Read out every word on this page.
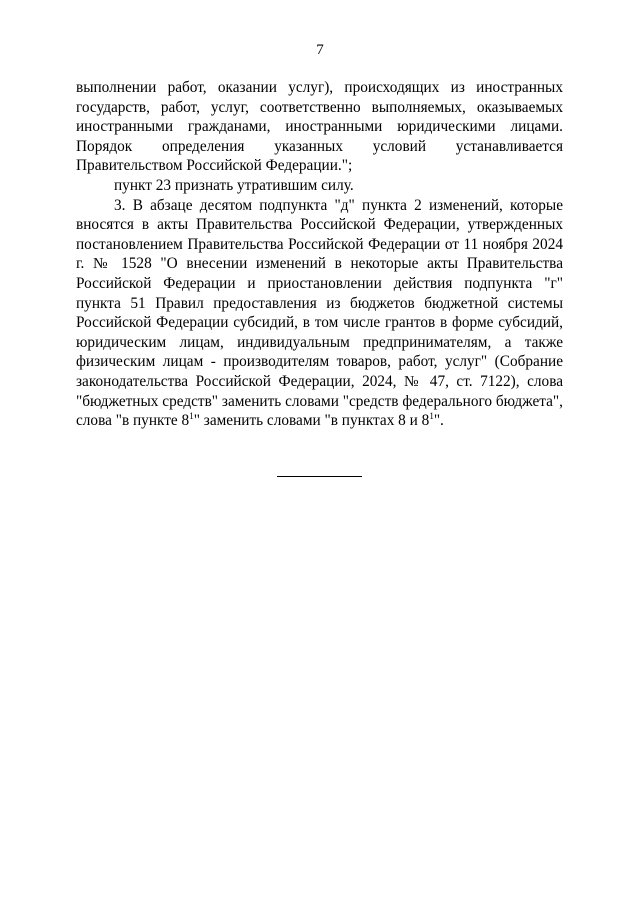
7

выполнении работ, оказании услуг), происходящих из иностранных государств, работ, услуг, соответственно выполняемых, оказываемых иностранными гражданами, иностранными юридическими лицами. Порядок определения указанных условий устанавливается Правительством Российской Федерации.";

пункт 23 признать утратившим силу.

3. В абзаце десятом подпункта "д" пункта 2 изменений, которые вносятся в акты Правительства Российской Федерации, утвержденных постановлением Правительства Российской Федерации от 11 ноября 2024 г. № 1528 "О внесении изменений в некоторые акты Правительства Российской Федерации и приостановлении действия подпункта "г" пункта 51 Правил предоставления из бюджетов бюджетной системы Российской Федерации субсидий, в том числе грантов в форме субсидий, юридическим лицам, индивидуальным предпринимателям, а также физическим лицам - производителям товаров, работ, услуг" (Собрание законодательства Российской Федерации, 2024, № 47, ст. 7122), слова "бюджетных средств" заменить словами "средств федерального бюджета", слова "в пункте $8^1$" заменить словами "в пунктах 8 и $8^1$".
